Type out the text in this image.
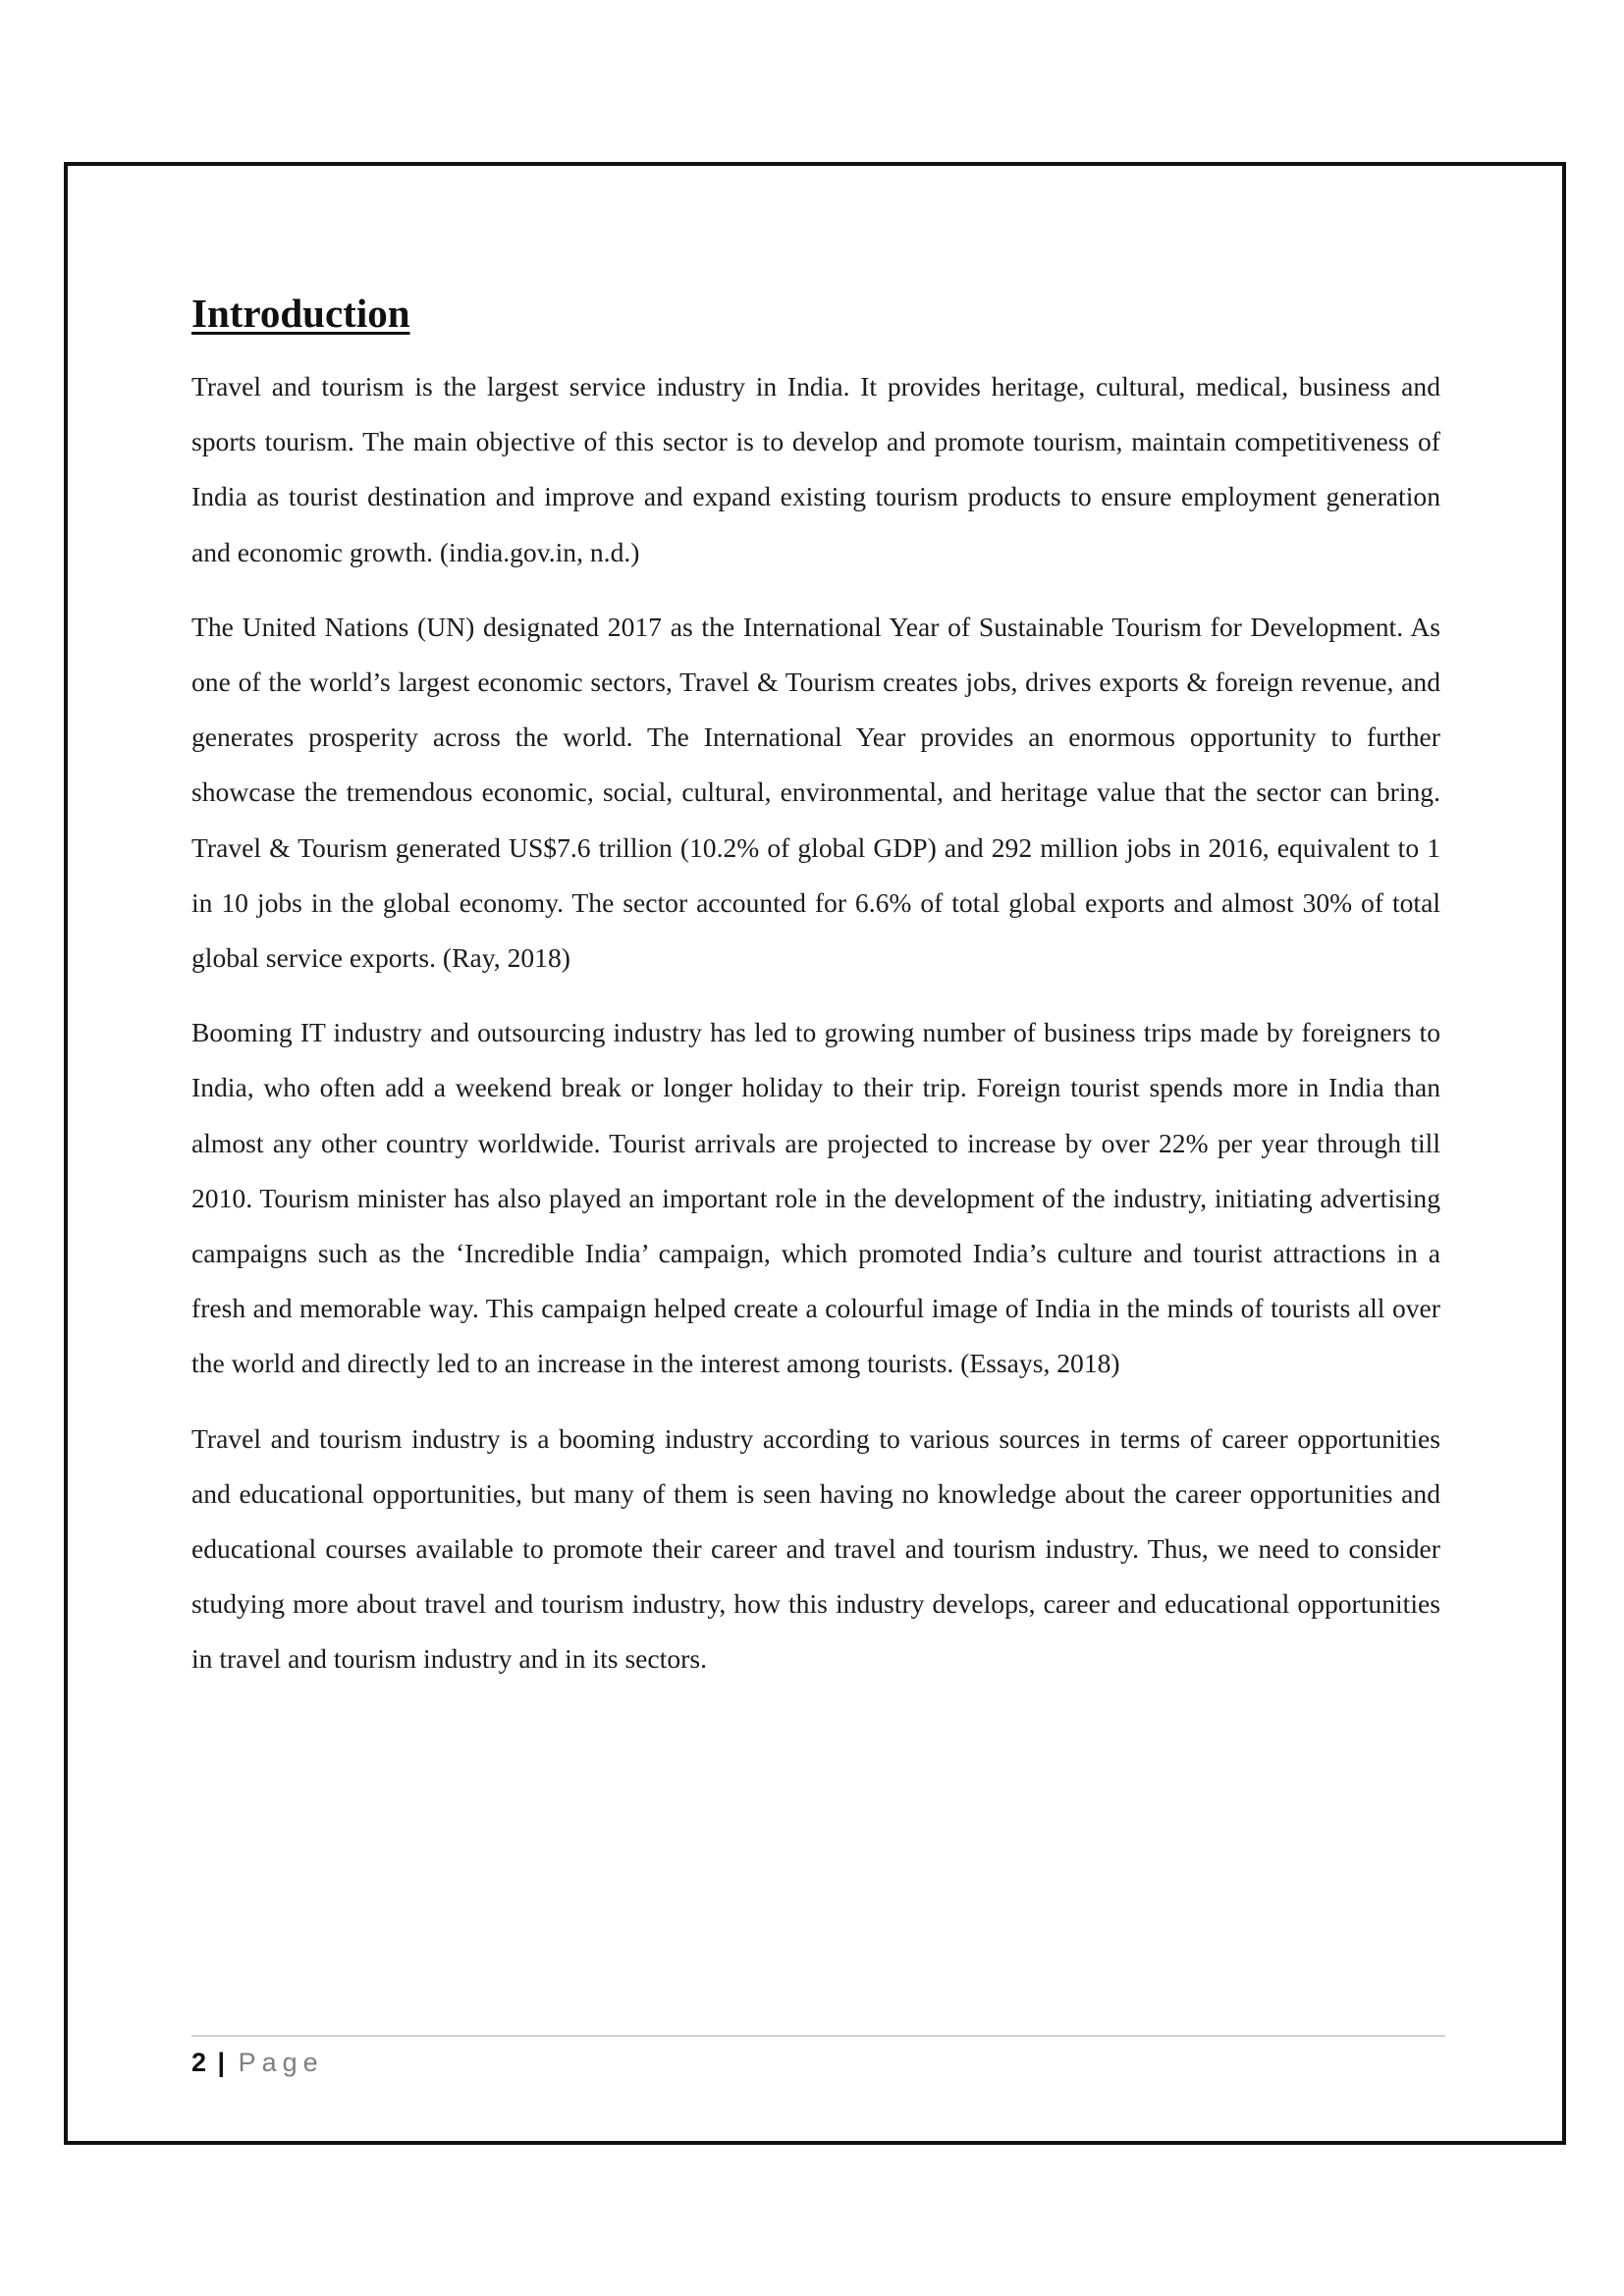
Introduction

Travel and tourism is the largest service industry in India. It provides heritage, cultural, medical, business and sports tourism. The main objective of this sector is to develop and promote tourism, maintain competitiveness of India as tourist destination and improve and expand existing tourism products to ensure employment generation and economic growth. (india.gov.in, n.d.)

The United Nations (UN) designated 2017 as the International Year of Sustainable Tourism for Development. As one of the world’s largest economic sectors, Travel & Tourism creates jobs, drives exports & foreign revenue, and generates prosperity across the world. The International Year provides an enormous opportunity to further showcase the tremendous economic, social, cultural, environmental, and heritage value that the sector can bring. Travel & Tourism generated US$7.6 trillion (10.2% of global GDP) and 292 million jobs in 2016, equivalent to 1 in 10 jobs in the global economy. The sector accounted for 6.6% of total global exports and almost 30% of total global service exports. (Ray, 2018)

Booming IT industry and outsourcing industry has led to growing number of business trips made by foreigners to India, who often add a weekend break or longer holiday to their trip. Foreign tourist spends more in India than almost any other country worldwide. Tourist arrivals are projected to increase by over 22% per year through till 2010. Tourism minister has also played an important role in the development of the industry, initiating advertising campaigns such as the ‘Incredible India’ campaign, which promoted India’s culture and tourist attractions in a fresh and memorable way. This campaign helped create a colourful image of India in the minds of tourists all over the world and directly led to an increase in the interest among tourists. (Essays, 2018)

Travel and tourism industry is a booming industry according to various sources in terms of career opportunities and educational opportunities, but many of them is seen having no knowledge about the career opportunities and educational courses available to promote their career and travel and tourism industry. Thus, we need to consider studying more about travel and tourism industry, how this industry develops, career and educational opportunities in travel and tourism industry and in its sectors.

2 | Page
